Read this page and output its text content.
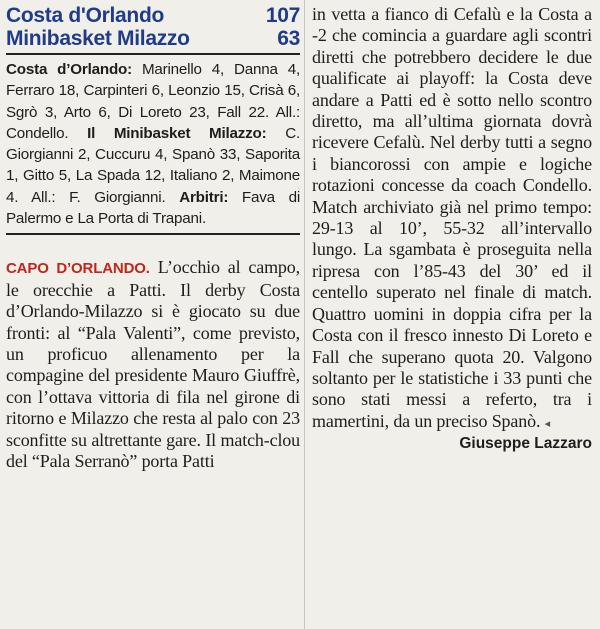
Costa d'Orlando	107
Minibasket Milazzo	63
Costa d’Orlando: Marinello 4, Danna 4, Ferraro 18, Carpinteri 6, Leonzio 15, Crisà 6, Sgrò 3, Arto 6, Di Loreto 23, Fall 22. All.: Condello. Il Minibasket Milazzo: C. Giorgianni 2, Cuccuru 4, Spanò 33, Saporita 1, Gitto 5, La Spada 12, Italiano 2, Maimone 4. All.: F. Giorgianni. Arbitri: Fava di Palermo e La Porta di Trapani.
CAPO D’ORLANDO. L’occhio al campo, le orecchie a Patti. Il derby Costa d’Orlando-Milazzo si è giocato su due fronti: al “Pala Valenti”, come previsto, un proficuo allenamento per la compagine del presidente Mauro Giuffrè, con l’ottava vittoria di fila nel girone di ritorno e Milazzo che resta al palo con 23 sconfitte su altrettante gare. Il match-clou del “Pala Serranò” porta Patti
in vetta a fianco di Cefalù e la Costa a -2 che comincia a guardare agli scontri diretti che potrebbero decidere le due qualificate ai playoff: la Costa deve andare a Patti ed è sotto nello scontro diretto, ma all’ultima giornata dovrà ricevere Cefalù. Nel derby tutti a segno i biancorossi con ampie e logiche rotazioni concesse da coach Condello. Match archiviato già nel primo tempo: 29-13 al 10’, 55-32 all’intervallo lungo. La sgambata è proseguita nella ripresa con l’85-43 del 30’ ed il centello superato nel finale di match. Quattro uomini in doppia cifra per la Costa con il fresco innesto Di Loreto e Fall che superano quota 20. Valgono soltanto per le statistiche i 33 punti che sono stati messi a referto, tra i mamertini, da un preciso Spanò. ◂
Giuseppe Lazzaro
